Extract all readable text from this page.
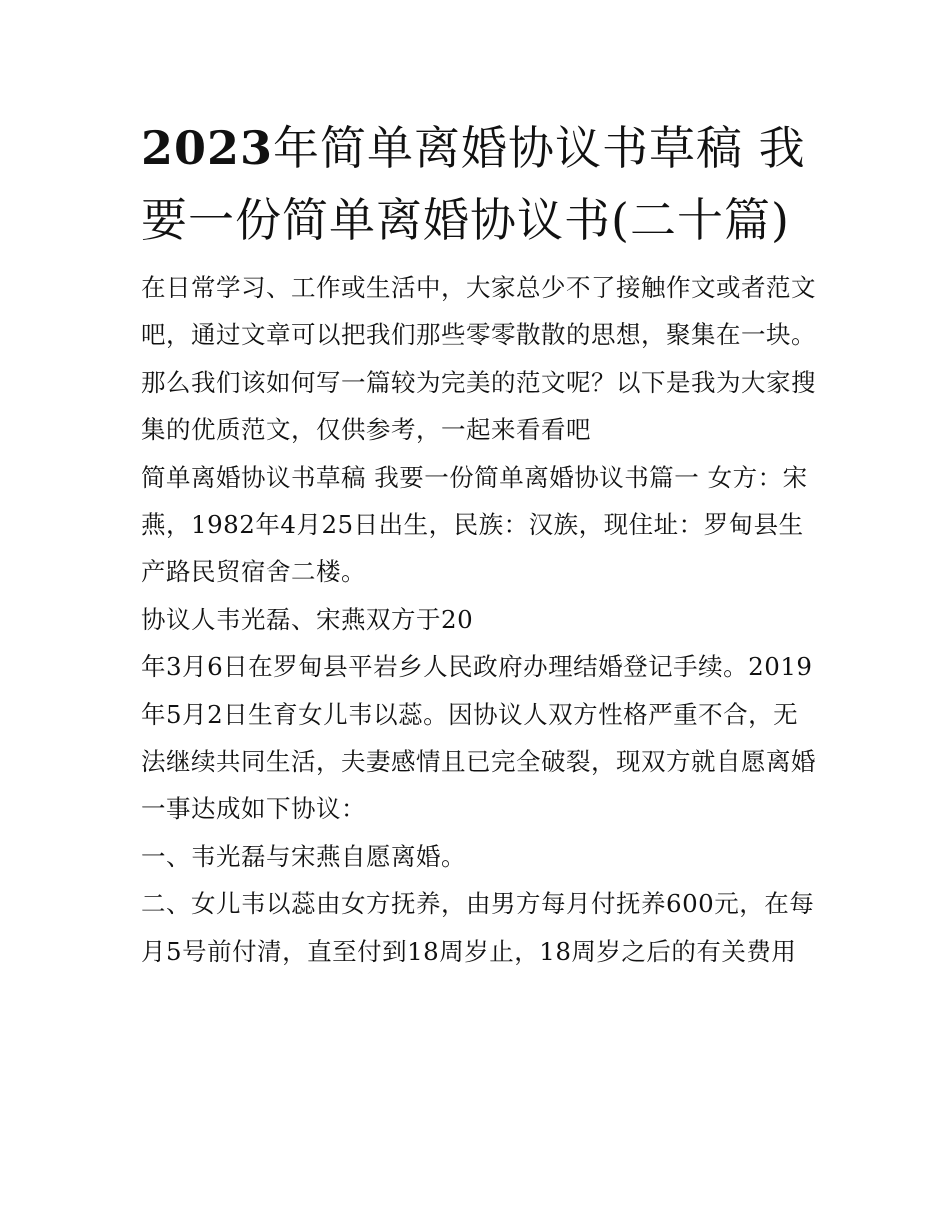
2023年简单离婚协议书草稿 我要一份简单离婚协议书(二十篇)

在日常学习、工作或生活中，大家总少不了接触作文或者范文吧，通过文章可以把我们那些零零散散的思想，聚集在一块。那么我们该如何写一篇较为完美的范文呢？以下是我为大家搜集的优质范文，仅供参考，一起来看看吧

简单离婚协议书草稿 我要一份简单离婚协议书篇一 女方：宋燕，1982年4月25日出生，民族：汉族，现住址：罗甸县生产路民贸宿舍二楼。

协议人韦光磊、宋燕双方于20

年3月6日在罗甸县平岩乡人民政府办理结婚登记手续。2019年5月2日生育女儿韦以蕊。因协议人双方性格严重不合，无法继续共同生活，夫妻感情且已完全破裂，现双方就自愿离婚一事达成如下协议：

一、韦光磊与宋燕自愿离婚。

二、女儿韦以蕊由女方抚养，由男方每月付抚养600元，在每月5号前付清，直至付到18周岁止，18周岁之后的有关费用
